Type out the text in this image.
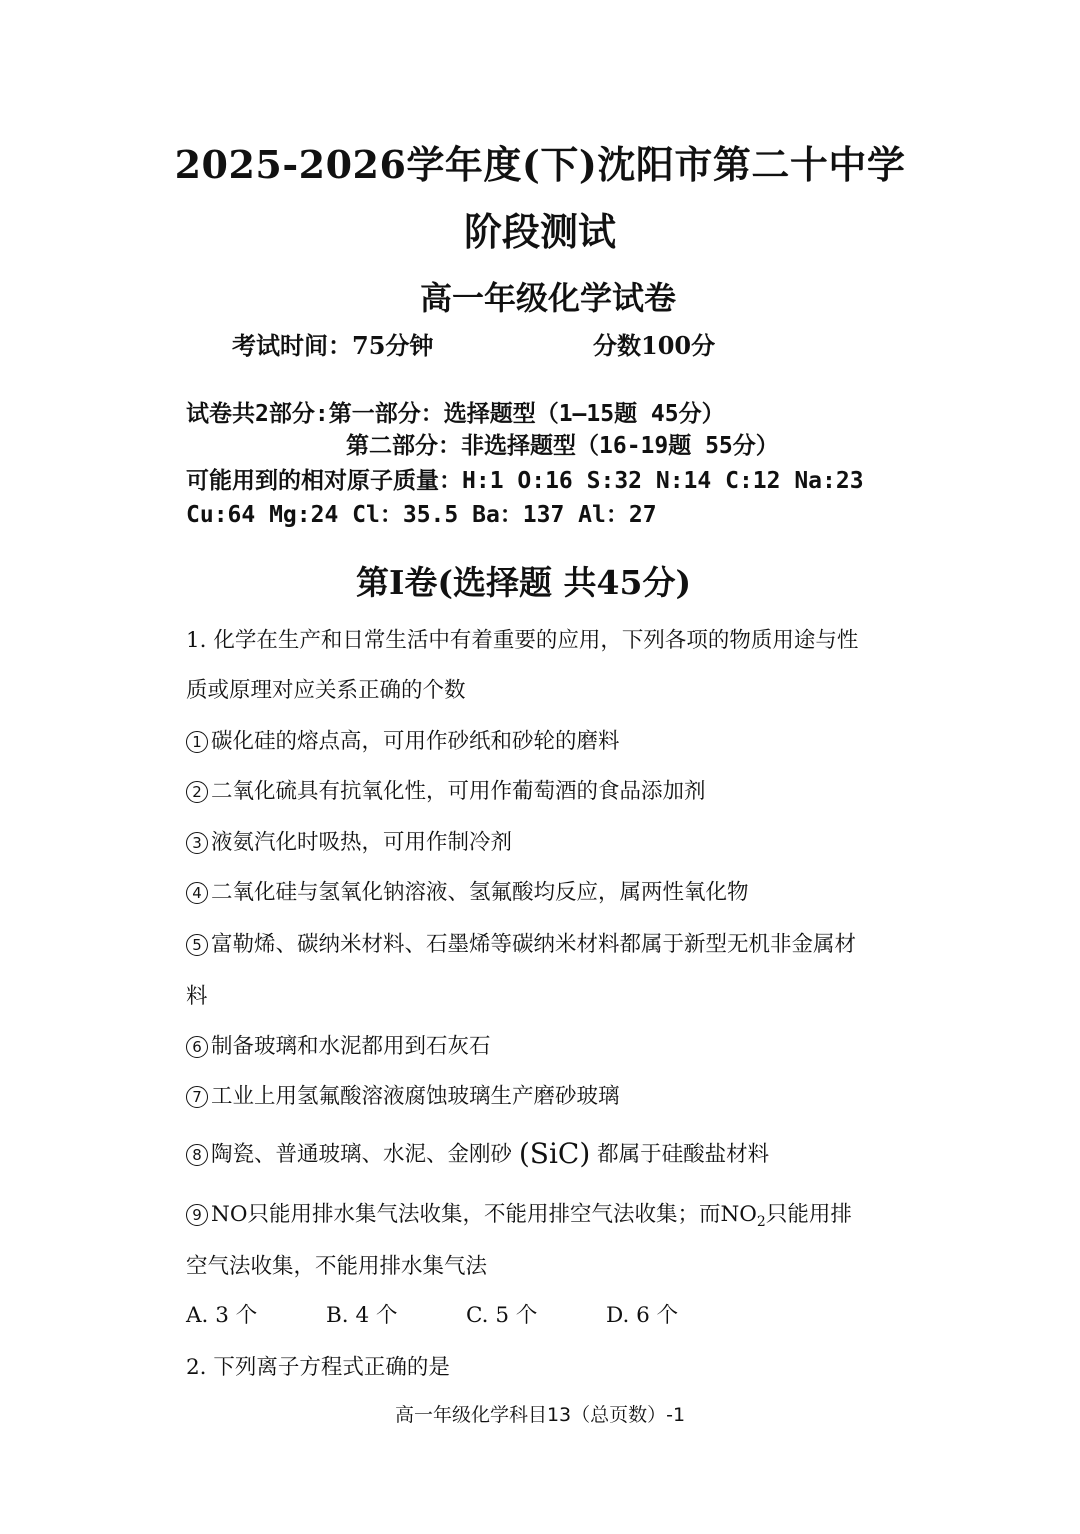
2025-2026学年度(下)沈阳市第二十中学
阶段测试
高一年级化学试卷
考试时间：75分钟	分数100分
试卷共2部分:第一部分：选择题型（1—15题 45分）
第二部分：非选择题型（16-19题 55分）
可能用到的相对原子质量：H:1 O:16 S:32 N:14 C:12 Na:23
Cu:64 Mg:24 Cl：35.5 Ba：137 Al：27
第Ⅰ卷(选择题 共45分)
1. 化学在生产和日常生活中有着重要的应用，下列各项的物质用途与性
质或原理对应关系正确的个数
1 碳化硅的熔点高，可用作砂纸和砂轮的磨料
2 二氧化硫具有抗氧化性，可用作葡萄酒的食品添加剂
3 液氨汽化时吸热，可用作制冷剂
4 二氧化硅与氢氧化钠溶液、氢氟酸均反应，属两性氧化物
5 富勒烯、碳纳米材料、石墨烯等碳纳米材料都属于新型无机非金属材
料
6 制备玻璃和水泥都用到石灰石
7 工业上用氢氟酸溶液腐蚀玻璃生产磨砂玻璃
8 陶瓷、普通玻璃、水泥、金刚砂 (SiC) 都属于硅酸盐材料
9 NO只能用排水集气法收集，不能用排空气法收集；而$NO_2$只能用排
空气法收集，不能用排水集气法
A. 3 个	B. 4 个	C. 5 个	D. 6 个
2. 下列离子方程式正确的是
高一年级化学科目13（总页数）-1
